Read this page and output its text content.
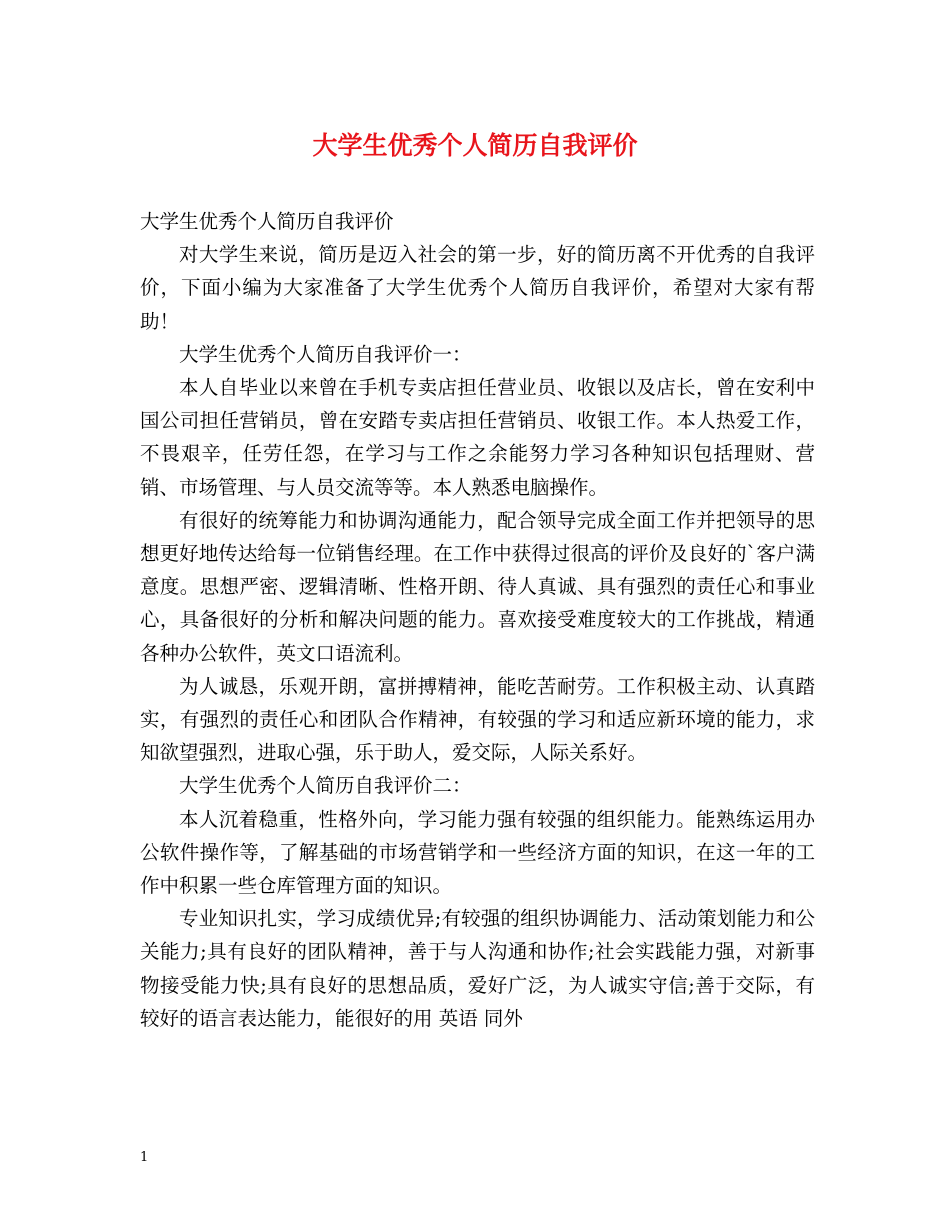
大学生优秀个人简历自我评价

大学生优秀个人简历自我评价

对大学生来说，简历是迈入社会的第一步，好的简历离不开优秀的自我评价，下面小编为大家准备了大学生优秀个人简历自我评价，希望对大家有帮助！

大学生优秀个人简历自我评价一：

本人自毕业以来曾在手机专卖店担任营业员、收银以及店长，曾在安利中国公司担任营销员，曾在安踏专卖店担任营销员、收银工作。本人热爱工作，不畏艰辛，任劳任怨，在学习与工作之余能努力学习各种知识包括理财、营销、市场管理、与人员交流等等。本人熟悉电脑操作。

有很好的统筹能力和协调沟通能力，配合领导完成全面工作并把领导的思想更好地传达给每一位销售经理。在工作中获得过很高的评价及良好的`客户满意度。思想严密、逻辑清晰、性格开朗、待人真诚、具有强烈的责任心和事业心，具备很好的分析和解决问题的能力。喜欢接受难度较大的工作挑战，精通各种办公软件，英文口语流利。

为人诚恳，乐观开朗，富拼搏精神，能吃苦耐劳。工作积极主动、认真踏实，有强烈的责任心和团队合作精神，有较强的学习和适应新环境的能力，求知欲望强烈，进取心强，乐于助人，爱交际，人际关系好。

大学生优秀个人简历自我评价二：

本人沉着稳重，性格外向，学习能力强有较强的组织能力。能熟练运用办公软件操作等，了解基础的市场营销学和一些经济方面的知识，在这一年的工作中积累一些仓库管理方面的知识。

专业知识扎实，学习成绩优异;有较强的组织协调能力、活动策划能力和公关能力;具有良好的团队精神，善于与人沟通和协作;社会实践能力强，对新事物接受能力快;具有良好的思想品质，爱好广泛，为人诚实守信;善于交际，有较好的语言表达能力，能很好的用 英语 同外

1
